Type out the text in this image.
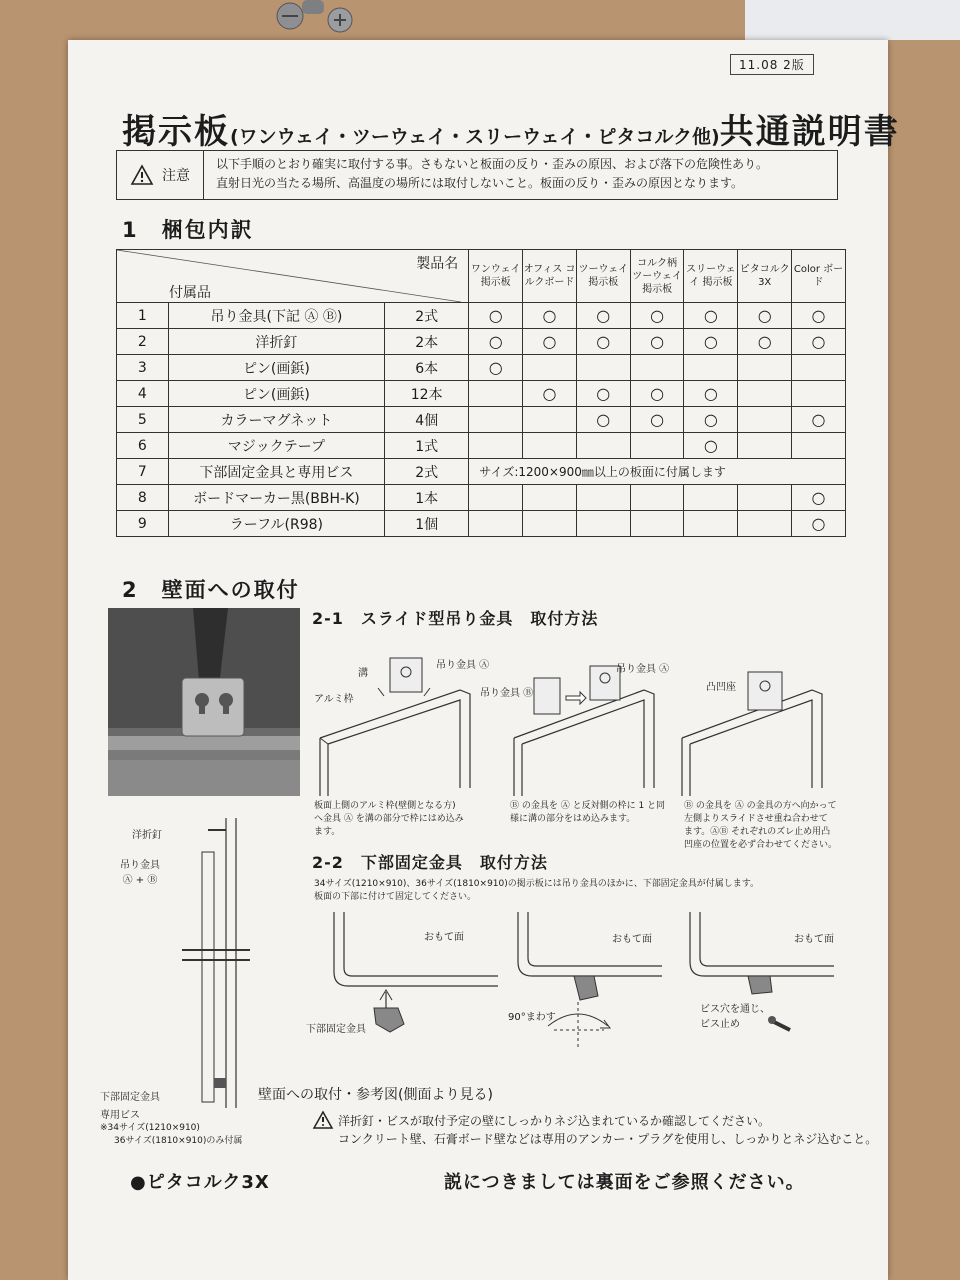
11.08 2版
掲示板(ワンウェイ・ツーウェイ・スリーウェイ・ピタコルク他)共通説明書
注意
以下手順のとおり確実に取付する事。さもないと板面の反り・歪みの原因、および落下の危険性あり。
直射日光の当たる場所、高温度の場所には取付しないこと。板面の反り・歪みの原因となります。
1　梱包内訳
製品名
付属品			ワンウェイ 掲示板	オフィス コルクボード	ツーウェイ 掲示板	コルク柄 ツーウェイ 掲示板	スリーウェイ 掲示板	ピタコルク 3X	Color ボード
1	吊り金具(下記 Ⓐ Ⓑ)	2式	○	○	○	○	○	○	○
2	洋折釘	2本	○	○	○	○	○	○	○
3	ピン(画鋲)	6本	○						
4	ピン(画鋲)	12本		○	○	○	○		
5	カラーマグネット	4個			○	○	○		○
6	マジックテープ	1式					○		
7	下部固定金具と専用ビス	2式	サイズ:1200×900㎜以上の板面に付属します						
8	ボードマーカー黒(BBH-K)	1本							○
9	ラーフル(R98)	1個							○
2　壁面への取付
2-1　スライド型吊り金具　取付方法
溝
吊り金具 Ⓐ
アルミ枠
吊り金具 Ⓑ
吊り金具 Ⓐ
凸凹座
板面上側のアルミ枠(壁側となる方)
へ金具 Ⓐ を溝の部分で枠にはめ込み
ます。
Ⓑ の金具を Ⓐ と反対側の枠に 1 と同
様に溝の部分をはめ込みます。
Ⓑ の金具を Ⓐ の金具の方へ向かって
左側よりスライドさせ重ね合わせて
ます。ⒶⒷ それぞれのズレ止め用凸
凹座の位置を必ず合わせてください。
洋折釘
吊り金具
Ⓐ + Ⓑ
下部固定金具
専用ビス
※34サイズ(1210×910)
36サイズ(1810×910)のみ付属
2-2　下部固定金具　取付方法
34サイズ(1210×910)、36サイズ(1810×910)の掲示板には吊り金具のほかに、下部固定金具が付属します。
板面の下部に付けて固定してください。
おもて面	おもて面	おもて面
下部固定金具
90°まわす
ビス穴を通じ、
ビス止め
壁面への取付・参考図(側面より見る)
洋折釘・ビスが取付予定の壁にしっかりネジ込まれているか確認してください。
コンクリート壁、石膏ボード壁などは専用のアンカー・プラグを使用し、しっかりとネジ込むこと。
●ピタコルク3X	説につきましては裏面をご参照ください。
